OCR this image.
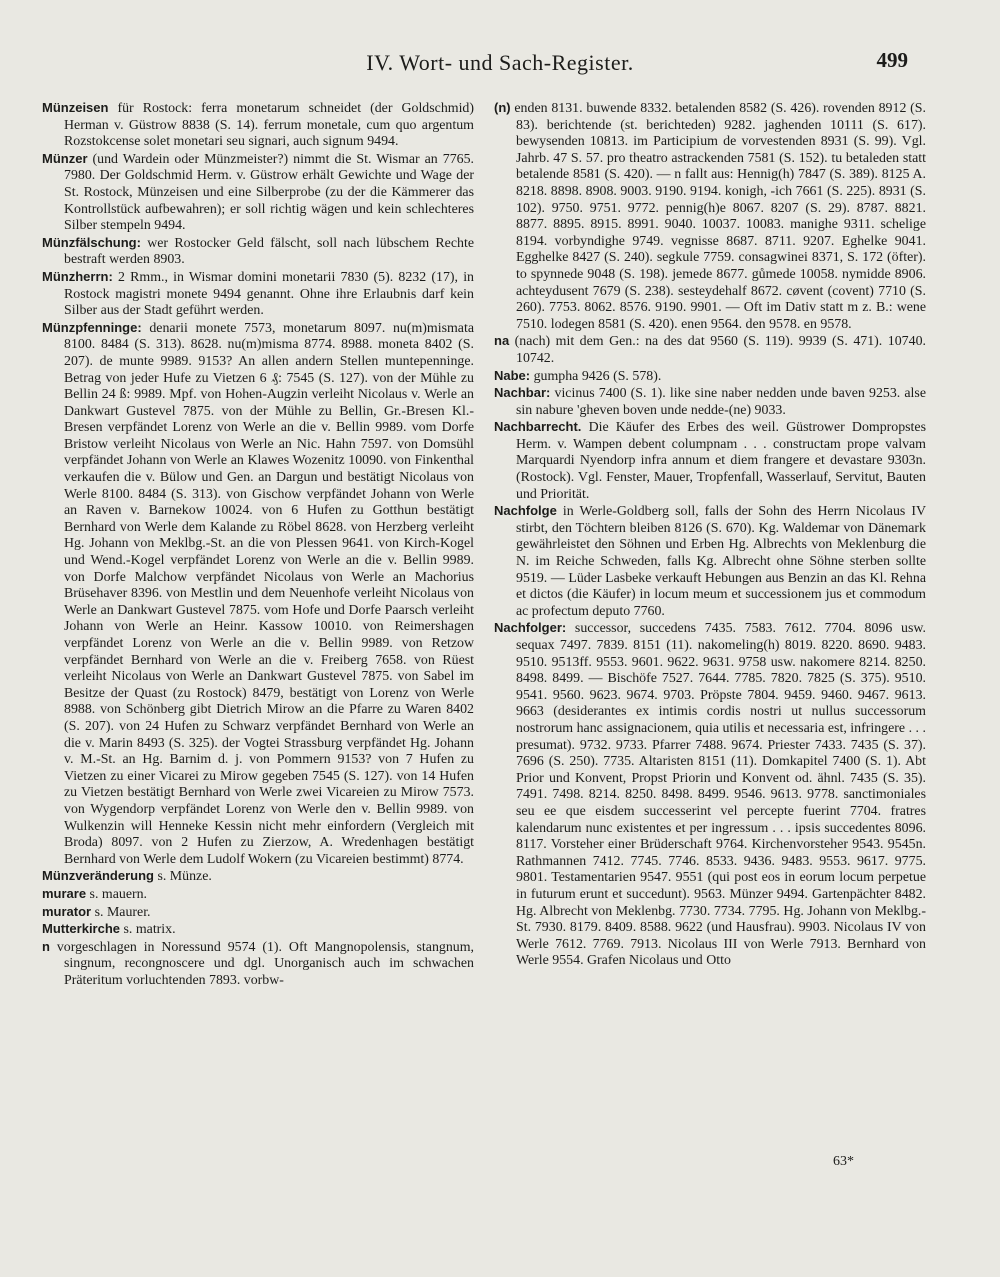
IV. Wort- und Sach-Register.	499

Münzeisen für Rostock: ferra monetarum schneidet (der Goldschmid) Herman v. Güstrow 8838 (S. 14). ferrum monetale, cum quo argentum Rozstokcense solet monetari seu signari, auch signum 9494.

Münzer (und Wardein oder Münzmeister?) nimmt die St. Wismar an 7765. 7980. Der Goldschmid Herm. v. Güstrow erhält Gewichte und Wage der St. Rostock, Münzeisen und eine Silberprobe (zu der die Kämmerer das Kontrollstück aufbewahren); er soll richtig wägen und kein schlechteres Silber stempeln 9494.

Münzfälschung: wer Rostocker Geld fälscht, soll nach lübschem Rechte bestraft werden 8903.

Münzherrn: 2 Rmm., in Wismar domini monetarii 7830 (5). 8232 (17), in Rostock magistri monete 9494 genannt. Ohne ihre Erlaubnis darf kein Silber aus der Stadt geführt werden.

Münzpfenninge: denarii monete 7573, monetarum 8097. nu(m)mismata 8100. 8484 (S. 313). 8628. nu(m)misma 8774. 8988. moneta 8402 (S. 207). de munte 9989. 9153? An allen andern Stellen muntepenninge. Betrag von jeder Hufe zu Vietzen 6 ₰: 7545 (S. 127). von der Mühle zu Bellin 24 ß: 9989. Mpf. von Hohen-Augzin verleiht Nicolaus v. Werle an Dankwart Gustevel 7875. von der Mühle zu Bellin, Gr.-Bresen Kl.-Bresen verpfändet Lorenz von Werle an die v. Bellin 9989. vom Dorfe Bristow verleiht Nicolaus von Werle an Nic. Hahn 7597. von Domsühl verpfändet Johann von Werle an Klawes Wozenitz 10090. von Finkenthal verkaufen die v. Bülow und Gen. an Dargun und bestätigt Nicolaus von Werle 8100. 8484 (S. 313). von Gischow verpfändet Johann von Werle an Raven v. Barnekow 10024. von 6 Hufen zu Gotthun bestätigt Bernhard von Werle dem Kalande zu Röbel 8628. von Herzberg verleiht Hg. Johann von Meklbg.-St. an die von Plessen 9641. von Kirch-Kogel und Wend.-Kogel verpfändet Lorenz von Werle an die v. Bellin 9989. von Dorfe Malchow verpfändet Nicolaus von Werle an Machorius Brüsehaver 8396. von Mestlin und dem Neuenhofe verleiht Nicolaus von Werle an Dankwart Gustevel 7875. vom Hofe und Dorfe Paarsch verleiht Johann von Werle an Heinr. Kassow 10010. von Reimershagen verpfändet Lorenz von Werle an die v. Bellin 9989. von Retzow verpfändet Bernhard von Werle an die v. Freiberg 7658. von Rüest verleiht Nicolaus von Werle an Dankwart Gustevel 7875. von Sabel im Besitze der Quast (zu Rostock) 8479, bestätigt von Lorenz von Werle 8988. von Schönberg gibt Dietrich Mirow an die Pfarre zu Waren 8402 (S. 207). von 24 Hufen zu Schwarz verpfändet Bernhard von Werle an die v. Marin 8493 (S. 325). der Vogtei Strassburg verpfändet Hg. Johann v. M.-St. an Hg. Barnim d. j. von Pommern 9153? von 7 Hufen zu Vietzen zu einer Vicarei zu Mirow gegeben 7545 (S. 127). von 14 Hufen zu Vietzen bestätigt Bernhard von Werle zwei Vicareien zu Mirow 7573. von Wygendorp verpfändet Lorenz von Werle den v. Bellin 9989. von Wulkenzin will Henneke Kessin nicht mehr einfordern (Vergleich mit Broda) 8097. von 2 Hufen zu Zierzow, A. Wredenhagen bestätigt Bernhard von Werle dem Ludolf Wokern (zu Vicareien bestimmt) 8774.

Münzveränderung s. Münze.

murare s. mauern.

murator s. Maurer.

Mutterkirche s. matrix.

n vorgeschlagen in Noressund 9574 (1). Oft Mangnopolensis, stangnum, singnum, recongnoscere und dgl. Unorganisch auch im schwachen Präteritum vorluchtenden 7893. vorbw-

(n) enden 8131. buwende 8332. betalenden 8582 (S. 426). rovenden 8912 (S. 83). berichtende (st. berichteden) 9282. jaghenden 10111 (S. 617). bewysenden 10813. im Participium de vorvestenden 8931 (S. 99). Vgl. Jahrb. 47 S. 57. pro theatro astrackenden 7581 (S. 152). tu betaleden statt betalende 8581 (S. 420). — n fallt aus: Hennig(h) 7847 (S. 389). 8125 A. 8218. 8898. 8908. 9003. 9190. 9194. konigh, -ich 7661 (S. 225). 8931 (S. 102). 9750. 9751. 9772. pennig(h)e 8067. 8207 (S. 29). 8787. 8821. 8877. 8895. 8915. 8991. 9040. 10037. 10083. manighe 9311. schelige 8194. vorbyndighe 9749. vegnisse 8687. 8711. 9207. Eghelke 9041. Egghelke 8427 (S. 240). segkule 7759. consagwinei 8371, S. 172 (öfter). to spynnede 9048 (S. 198). jemede 8677. gůmede 10058. nymidde 8906. achteydusent 7679 (S. 238). sesteydehalf 8672. cøvent (covent) 7710 (S. 260). 7753. 8062. 8576. 9190. 9901. — Oft im Dativ statt m z. B.: wene 7510. lodegen 8581 (S. 420). enen 9564. den 9578. en 9578.

na (nach) mit dem Gen.: na des dat 9560 (S. 119). 9939 (S. 471). 10740. 10742.

Nabe: gumpha 9426 (S. 578).

Nachbar: vicinus 7400 (S. 1). like sine naber nedden unde baven 9253. alse sin nabure 'gheven boven unde nedde-(ne) 9033.

Nachbarrecht. Die Käufer des Erbes des weil. Güstrower Dompropstes Herm. v. Wampen debent columpnam . . . constructam prope valvam Marquardi Nyendorp infra annum et diem frangere et devastare 9303n. (Rostock). Vgl. Fenster, Mauer, Tropfenfall, Wasserlauf, Servitut, Bauten und Priorität.

Nachfolge in Werle-Goldberg soll, falls der Sohn des Herrn Nicolaus IV stirbt, den Töchtern bleiben 8126 (S. 670). Kg. Waldemar von Dänemark gewährleistet den Söhnen und Erben Hg. Albrechts von Meklenburg die N. im Reiche Schweden, falls Kg. Albrecht ohne Söhne sterben sollte 9519. — Lüder Lasbeke verkauft Hebungen aus Benzin an das Kl. Rehna et dictos (die Käufer) in locum meum et successionem jus et commodum ac profectum deputo 7760.

Nachfolger: successor, succedens 7435. 7583. 7612. 7704. 8096 usw. sequax 7497. 7839. 8151 (11). nakomeling(h) 8019. 8220. 8690. 9483. 9510. 9513ff. 9553. 9601. 9622. 9631. 9758 usw. nakomere 8214. 8250. 8498. 8499. — Bischöfe 7527. 7644. 7785. 7820. 7825 (S. 375). 9510. 9541. 9560. 9623. 9674. 9703. Pröpste 7804. 9459. 9460. 9467. 9613. 9663 (desiderantes ex intimis cordis nostri ut nullus successorum nostrorum hanc assignacionem, quia utilis et necessaria est, infringere . . . presumat). 9732. 9733. Pfarrer 7488. 9674. Priester 7433. 7435 (S. 37). 7696 (S. 250). 7735. Altaristen 8151 (11). Domkapitel 7400 (S. 1). Abt Prior und Konvent, Propst Priorin und Konvent od. ähnl. 7435 (S. 35). 7491. 7498. 8214. 8250. 8498. 8499. 9546. 9613. 9778. sanctimoniales seu ee que eisdem successerint vel percepte fuerint 7704. fratres kalendarum nunc existentes et per ingressum . . . ipsis succedentes 8096. 8117. Vorsteher einer Brüderschaft 9764. Kirchenvorsteher 9543. 9545n. Rathmannen 7412. 7745. 7746. 8533. 9436. 9483. 9553. 9617. 9775. 9801. Testamentarien 9547. 9551 (qui post eos in eorum locum perpetue in futurum erunt et succedunt). 9563. Münzer 9494. Gartenpächter 8482. Hg. Albrecht von Meklenbg. 7730. 7734. 7795. Hg. Johann von Meklbg.-St. 7930. 8179. 8409. 8588. 9622 (und Hausfrau). 9903. Nicolaus IV von Werle 7612. 7769. 7913. Nicolaus III von Werle 7913. Bernhard von Werle 9554. Grafen Nicolaus und Otto

63*
